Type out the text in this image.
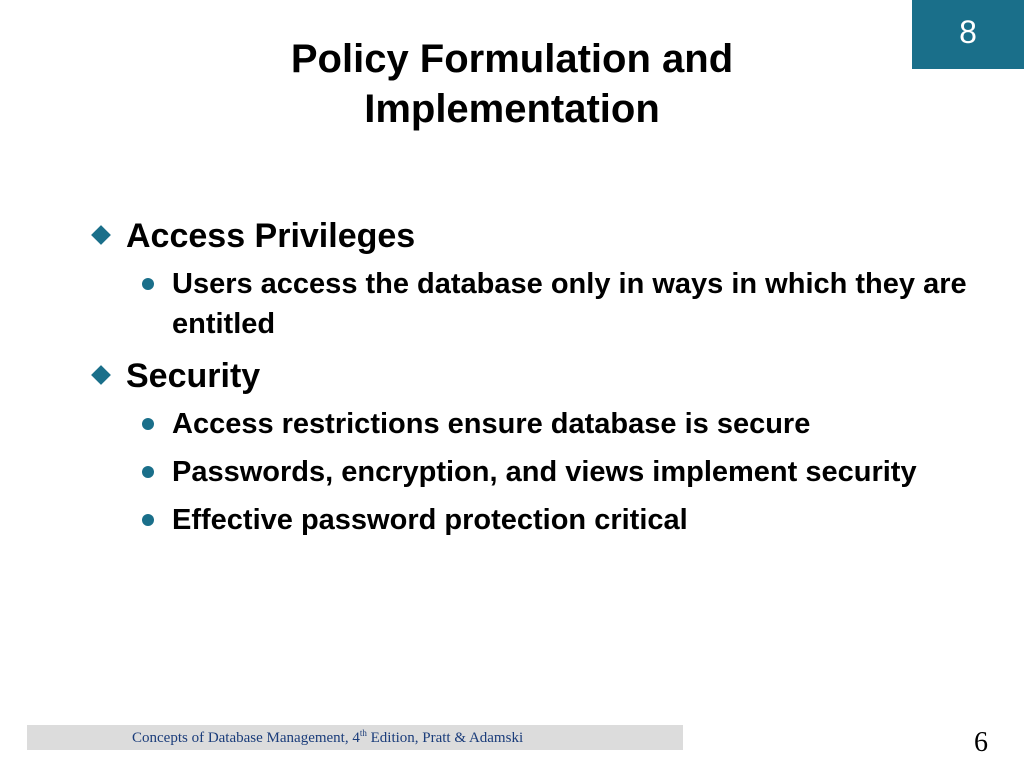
8
Policy Formulation and
Implementation
Access Privileges
Users access the database only in ways in which they are entitled
Security
Access restrictions ensure database is secure
Passwords, encryption, and views implement security
Effective password protection critical
Concepts of Database Management, 4th Edition, Pratt & Adamski	6
